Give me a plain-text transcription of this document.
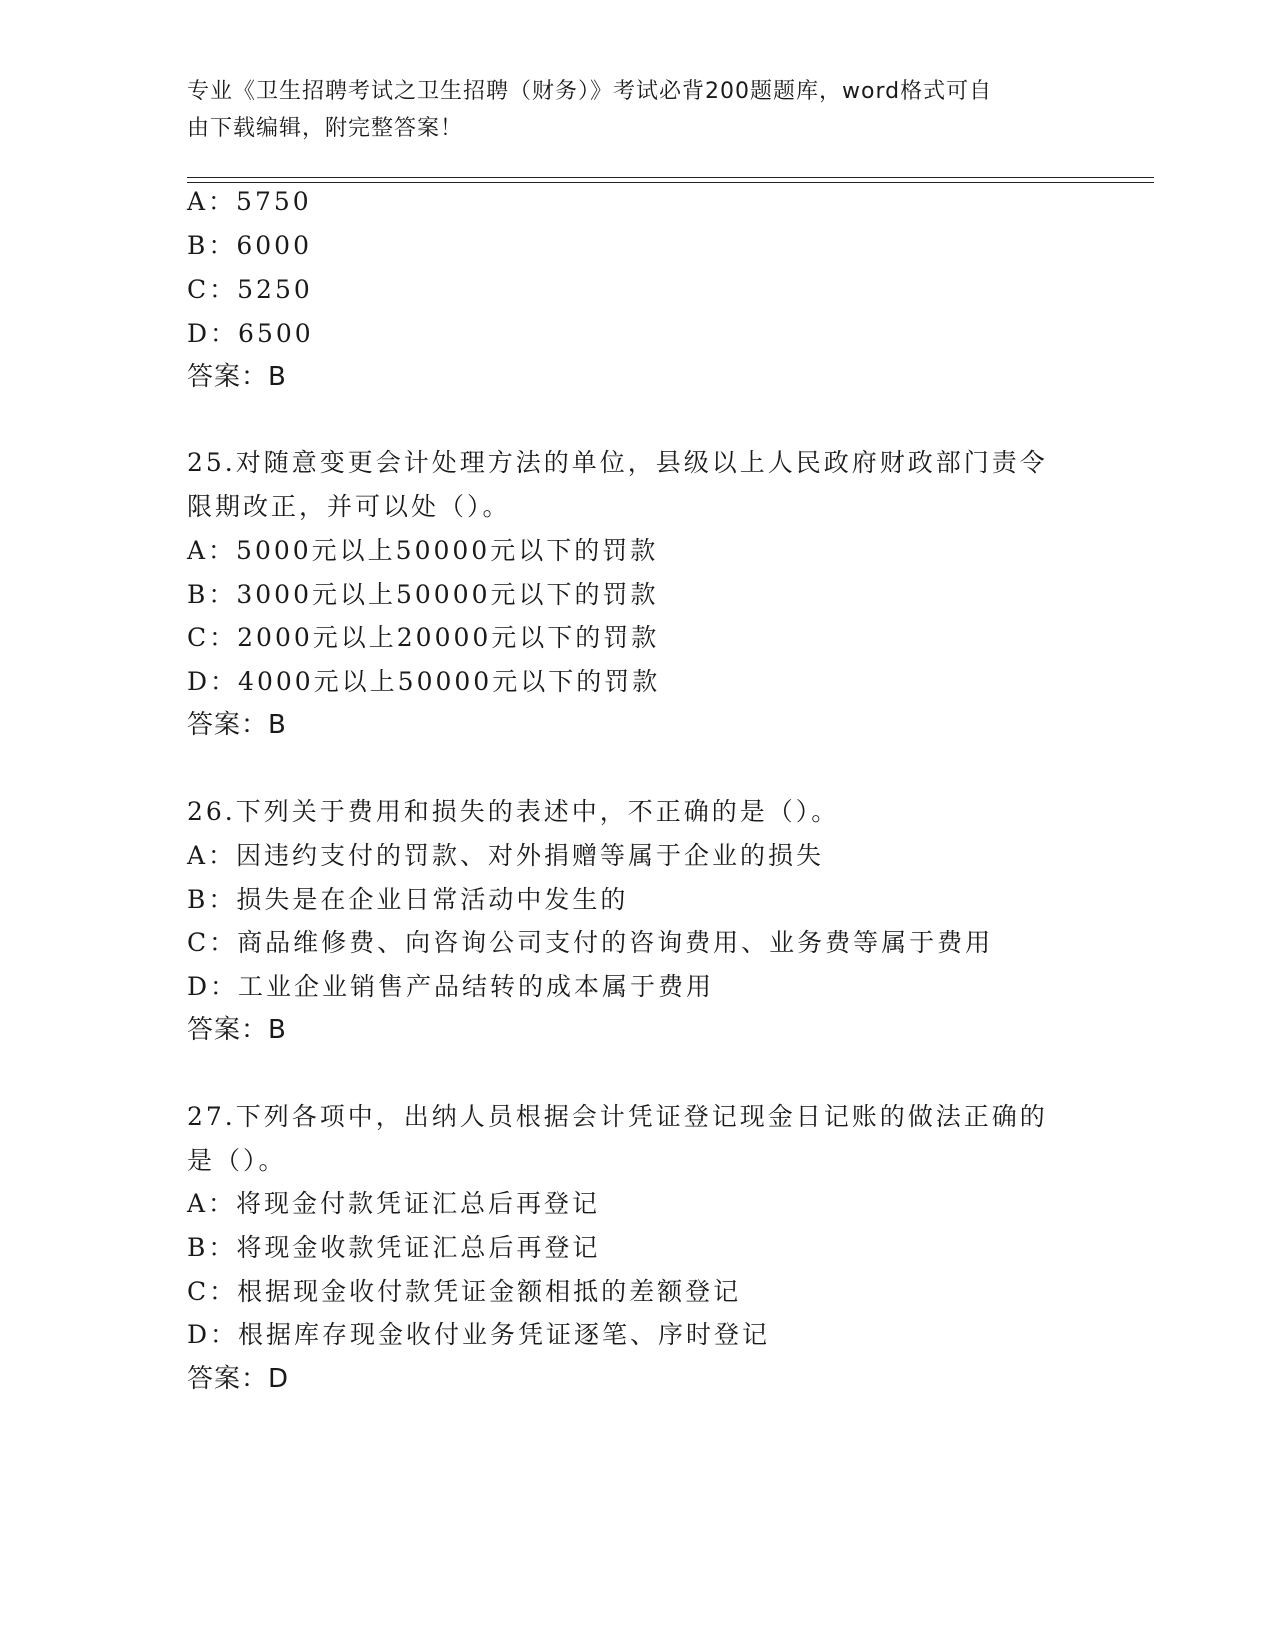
专业《卫生招聘考试之卫生招聘（财务）》考试必背200题题库，word格式可自
由下载编辑，附完整答案！
A：5750
B：6000
C：5250
D：6500
答案：B
25.对随意变更会计处理方法的单位，县级以上人民政府财政部门责令
限期改正，并可以处（）。
A：5000元以上50000元以下的罚款
B：3000元以上50000元以下的罚款
C：2000元以上20000元以下的罚款
D：4000元以上50000元以下的罚款
答案：B
26.下列关于费用和损失的表述中，不正确的是（）。
A：因违约支付的罚款、对外捐赠等属于企业的损失
B：损失是在企业日常活动中发生的
C：商品维修费、向咨询公司支付的咨询费用、业务费等属于费用
D：工业企业销售产品结转的成本属于费用
答案：B
27.下列各项中，出纳人员根据会计凭证登记现金日记账的做法正确的
是（）。
A：将现金付款凭证汇总后再登记
B：将现金收款凭证汇总后再登记
C：根据现金收付款凭证金额相抵的差额登记
D：根据库存现金收付业务凭证逐笔、序时登记
答案：D
